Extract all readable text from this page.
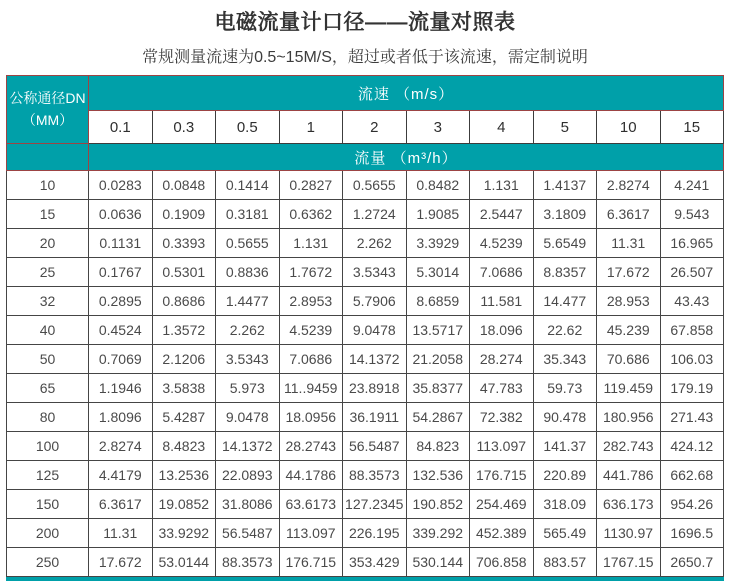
电磁流量计口径——流量对照表

常规测量流速为0.5~15M/S，超过或者低于该流速，需定制说明

公称通径DN
（MM）	流速 （m/s）									
	0.1	0.3	0.5	1	2	3	4	5	10	15
	流量 （m³/h）									
10	0.0283	0.0848	0.1414	0.2827	0.5655	0.8482	1.131	1.4137	2.8274	4.241
15	0.0636	0.1909	0.3181	0.6362	1.2724	1.9085	2.5447	3.1809	6.3617	9.543
20	0.1131	0.3393	0.5655	1.131	2.262	3.3929	4.5239	5.6549	11.31	16.965
25	0.1767	0.5301	0.8836	1.7672	3.5343	5.3014	7.0686	8.8357	17.672	26.507
32	0.2895	0.8686	1.4477	2.8953	5.7906	8.6859	11.581	14.477	28.953	43.43
40	0.4524	1.3572	2.262	4.5239	9.0478	13.5717	18.096	22.62	45.239	67.858
50	0.7069	2.1206	3.5343	7.0686	14.1372	21.2058	28.274	35.343	70.686	106.03
65	1.1946	3.5838	5.973	11..9459	23.8918	35.8377	47.783	59.73	119.459	179.19
80	1.8096	5.4287	9.0478	18.0956	36.1911	54.2867	72.382	90.478	180.956	271.43
100	2.8274	8.4823	14.1372	28.2743	56.5487	84.823	113.097	141.37	282.743	424.12
125	4.4179	13.2536	22.0893	44.1786	88.3573	132.536	176.715	220.89	441.786	662.68
150	6.3617	19.0852	31.8086	63.6173	127.2345	190.852	254.469	318.09	636.173	954.26
200	11.31	33.9292	56.5487	113.097	226.195	339.292	452.389	565.49	1130.97	1696.5
250	17.672	53.0144	88.3573	176.715	353.429	530.144	706.858	883.57	1767.15	2650.7
